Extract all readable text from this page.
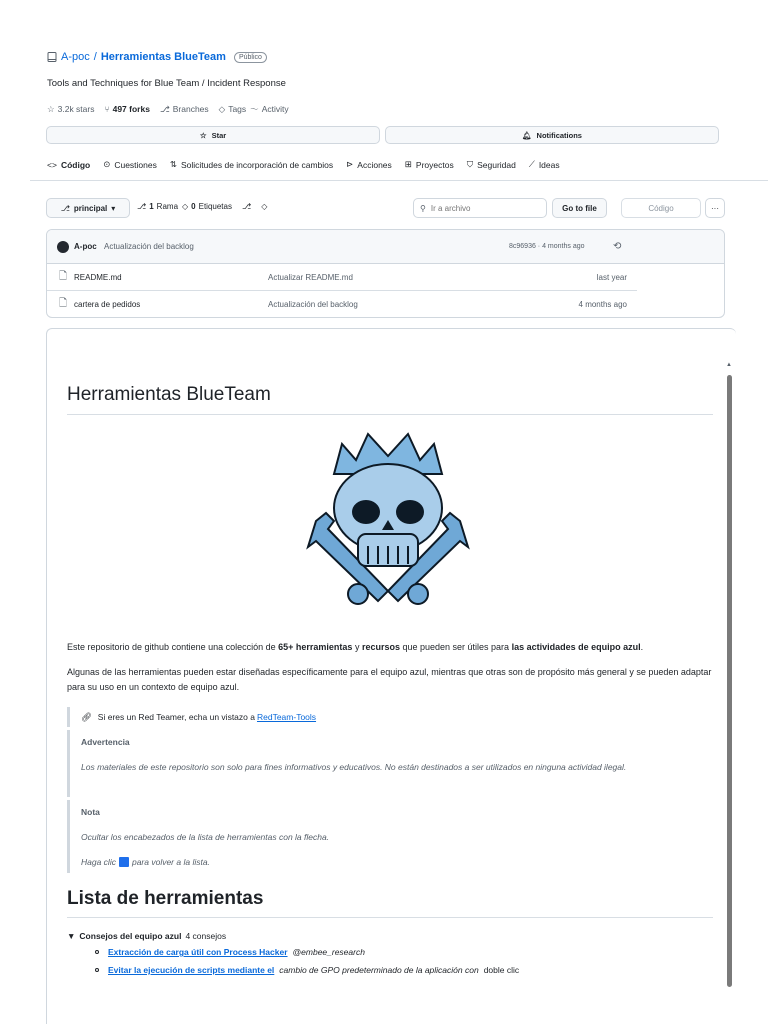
A-poc / Herramientas BlueTeam	Público
Tools and Techniques for Blue Team / Incident Response
☆ 3.2k stars ⑂ 497 forks ⎇ Branches ◇ Tags 〜 Activity
☆ Star	🔔︎ Notifications
<> Código ⊙ Cuestiones ⇅ Solicitudes de incorporación de cambios ⊳ Acciones ⊞ Proyectos ⛉ Seguridad ⟋ Ideas
⎇ principal ▾	⎇ 1 Rama ◇ 0 Etiquetas ⎇ ◇	⚲
Ir a archivo	Go to file	Código	···
A-poc Actualización del backlog	8c96936 · 4 months ago	⟲
🗋︎ README.md	Actualizar README.md	last year
🗋︎ cartera de pedidos	Actualización del backlog	4 months ago
▲
Herramientas BlueTeam

Este repositorio de github contiene una colección de 65+ herramientas y recursos que pueden ser útiles para las actividades de equipo azul.

Algunas de las herramientas pueden estar diseñadas específicamente para el equipo azul, mientras que otras son de propósito más general y se pueden adaptar para su uso en un contexto de equipo azul.

🔗︎ Si eres un Red Teamer, echa un vistazo a RedTeam-Tools
Advertencia
Los materiales de este repositorio son solo para fines informativos y educativos. No están destinados a ser utilizados en ninguna actividad ilegal.
Nota
Ocultar los encabezados de la lista de herramientas con la flecha.
Haga clic para volver a la lista.
Lista de herramientas
▼ Consejos del equipo azul 4 consejos
Extracción de carga útil con Process Hacker @embee_research
Evitar la ejecución de scripts mediante el cambio de GPO predeterminado de la aplicación con doble clic
